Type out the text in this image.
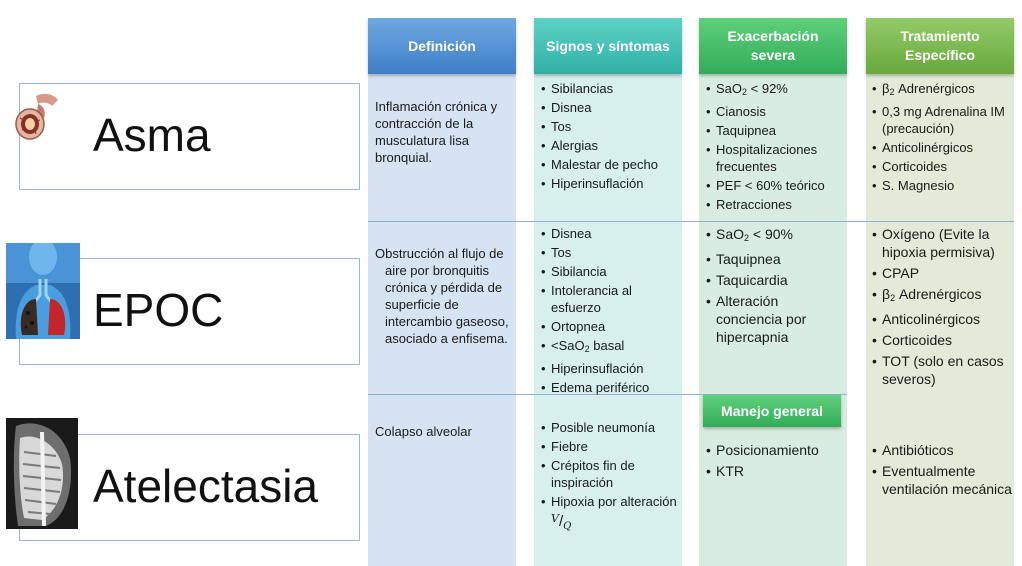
Definición	Signos y síntomas
Exacerbación severa
Tratamiento Específico
Asma
EPOC
Atelectasia
Inflamación crónica y contracción de la musculatura lisa bronquial.
• Sibilancias
• Disnea
• Tos
• Alergias
• Malestar de pecho
• Hiperinsuflación
• SaO$_2$ < 92%
• Cianosis
• Taquipnea
• Hospitalizaciones frecuentes
• PEF < 60% teórico
• Retracciones
• $\beta_2$ Adrenérgicos
• 0,3 mg Adrenalina IM (precaución)
• Anticolinérgicos
• Corticoides
• S. Magnesio
Obstrucción al flujo de aire por bronquitis crónica y pérdida de superficie de intercambio gaseoso, asociado a enfisema.
• Disnea
• Tos
• Sibilancia
• Intolerancia al esfuerzo
• Ortopnea
• <SaO$_2$ basal
• Hiperinsuflación
• Edema periférico
• SaO$_2$ < 90%
• Taquipnea
• Taquicardia
• Alteración conciencia por hipercapnia
• Oxígeno (Evite la hipoxia permisiva)
• CPAP
• $\beta_2$ Adrenérgicos
• Anticolinérgicos
• Corticoides
• TOT (solo en casos severos)
Colapso alveolar
•	Posible neumonía
• Fiebre
• Crépitos fin de inspiración
• Hipoxia por alteración $^V/_Q$
Manejo general
• Posicionamiento
• KTR
• Antibióticos
• Eventualmente ventilación mecánica
